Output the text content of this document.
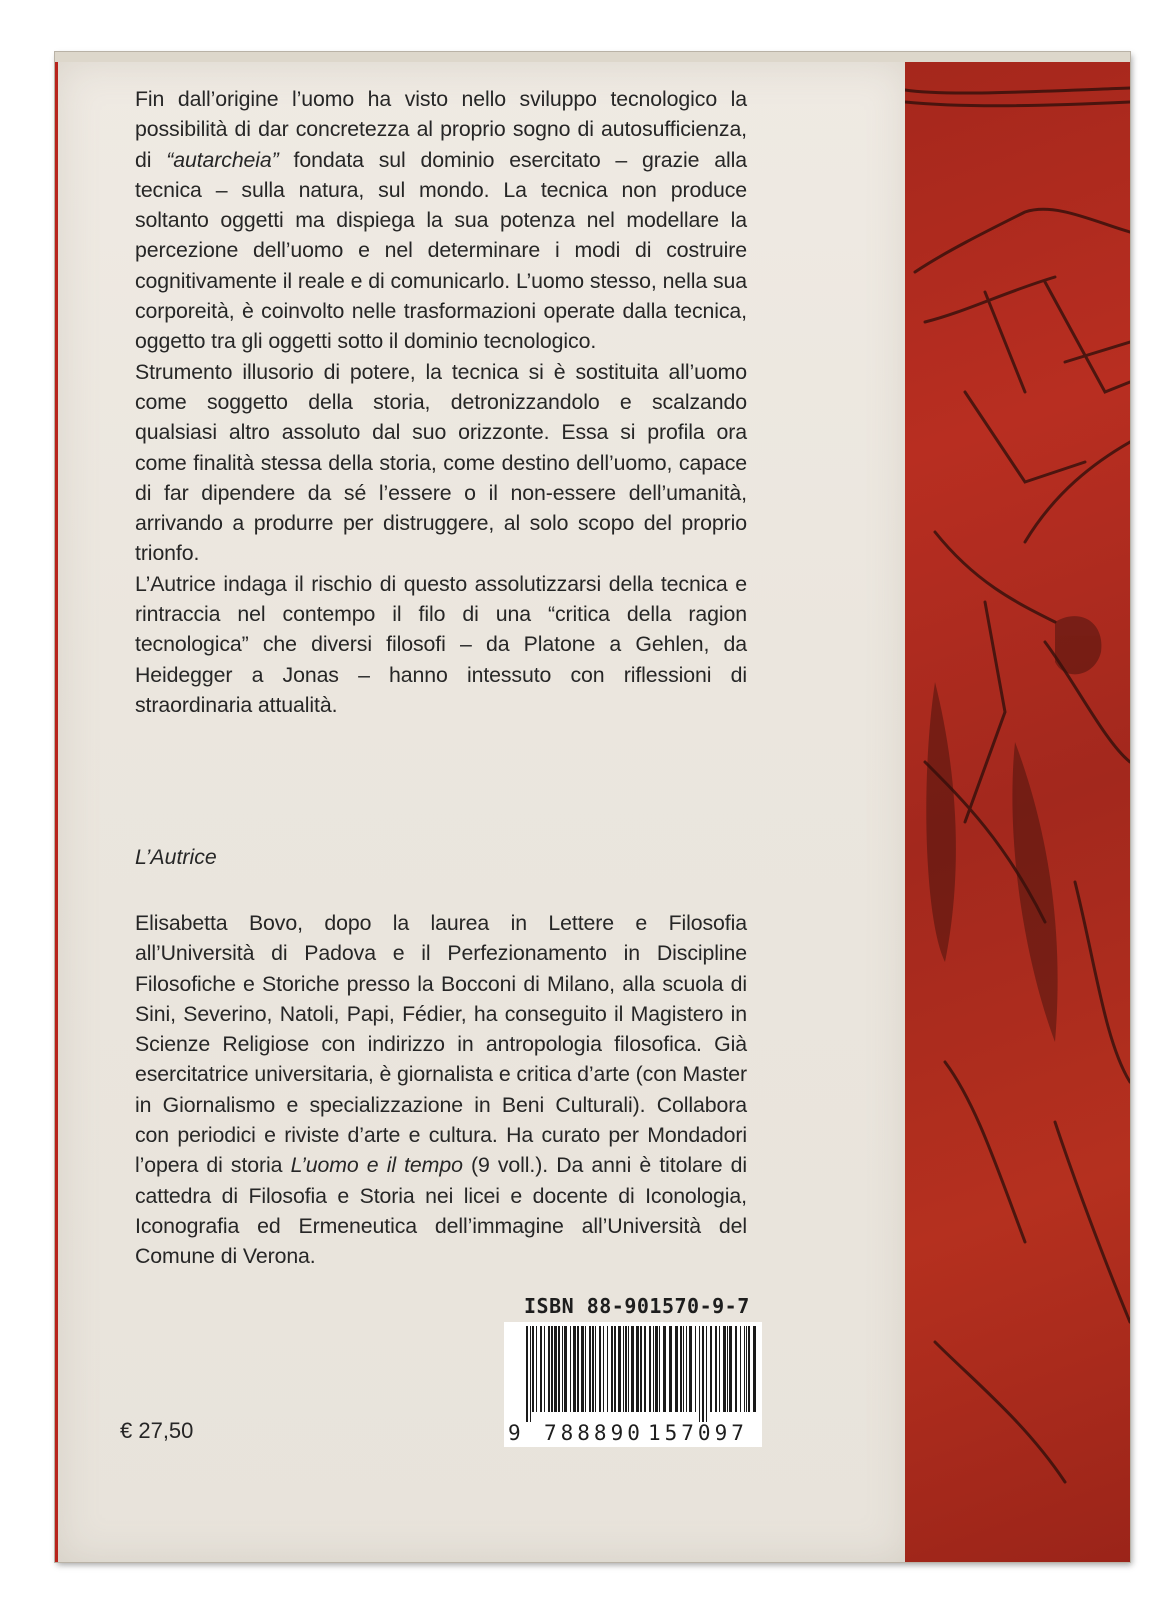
Fin dall’origine l’uomo ha visto nello sviluppo tecnologico la possibilità di dar concretezza al proprio sogno di autosufficienza, di “autarcheia” fondata sul dominio esercitato – grazie alla tecnica – sulla natura, sul mondo. La tecnica non produce soltanto oggetti ma dispiega la sua potenza nel modellare la percezione dell’uomo e nel determinare i modi di costruire cognitivamente il reale e di comunicarlo. L’uomo stesso, nella sua corporeità, è coinvolto nelle trasformazioni operate dalla tecnica, oggetto tra gli oggetti sotto il dominio tecnologico.

Strumento illusorio di potere, la tecnica si è sostituita all’uomo come soggetto della storia, detronizzandolo e scalzando qualsiasi altro assoluto dal suo orizzonte. Essa si profila ora come finalità stessa della storia, come destino dell’uomo, capace di far dipendere da sé l’essere o il non-essere dell’umanità, arrivando a produrre per distruggere, al solo scopo del proprio trionfo.

L’Autrice indaga il rischio di questo assolutizzarsi della tecnica e rintraccia nel contempo il filo di una “critica della ragion tecnologica” che diversi filosofi – da Platone a Gehlen, da Heidegger a Jonas – hanno intessuto con riflessioni di straordinaria attualità.

L’Autrice

Elisabetta Bovo, dopo la laurea in Lettere e Filosofia all’Università di Padova e il Perfezionamento in Discipline Filosofiche e Storiche presso la Bocconi di Milano, alla scuola di Sini, Severino, Natoli, Papi, Fédier, ha conseguito il Magistero in Scienze Religiose con indirizzo in antropologia filosofica. Già esercitatrice universitaria, è giornalista e critica d’arte (con Master in Giornalismo e specializzazione in Beni Culturali). Collabora con periodici e riviste d’arte e cultura. Ha curato per Mondadori l’opera di storia L’uomo e il tempo (9 voll.). Da anni è titolare di cattedra di Filosofia e Storia nei licei e docente di Iconologia, Iconografia ed Ermeneutica dell’immagine all’Università del Comune di Verona.

ISBN 88-901570-9-7
9 788890 157097
€ 27,50
